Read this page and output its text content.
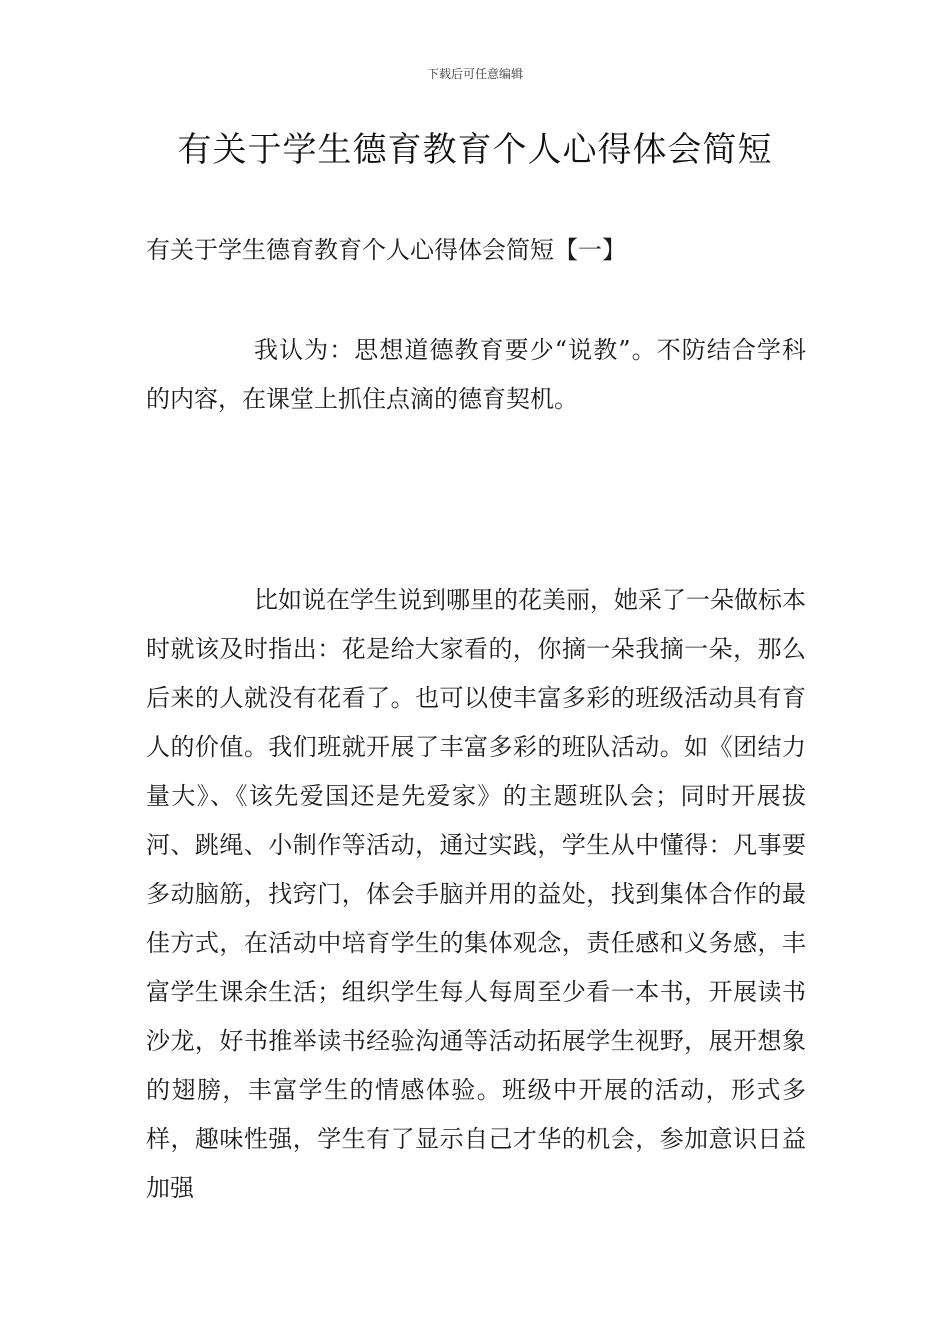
下载后可任意编辑
有关于学生德育教育个人心得体会简短
有关于学生德育教育个人心得体会简短【一】

我认为：思想道德教育要少“说教”。不防结合学科的内容，在课堂上抓住点滴的德育契机。

比如说在学生说到哪里的花美丽，她采了一朵做标本时就该及时指出：花是给大家看的，你摘一朵我摘一朵，那么后来的人就没有花看了。也可以使丰富多彩的班级活动具有育人的价值。我们班就开展了丰富多彩的班队活动。如《团结力量大》、《该先爱国还是先爱家》的主题班队会；同时开展拔河、跳绳、小制作等活动，通过实践，学生从中懂得：凡事要多动脑筋，找窍门，体会手脑并用的益处，找到集体合作的最佳方式，在活动中培育学生的集体观念，责任感和义务感，丰富学生课余生活；组织学生每人每周至少看一本书，开展读书沙龙，好书推举读书经验沟通等活动拓展学生视野，展开想象的翅膀，丰富学生的情感体验。班级中开展的活动，形式多样，趣味性强，学生有了显示自己才华的机会，参加意识日益加强
